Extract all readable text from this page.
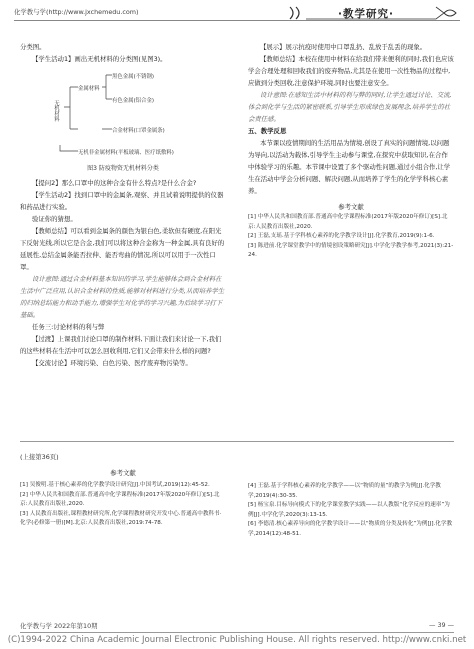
化学教与学(http://www.jxchemedu.com)	·教学研究·

分类图。

【学生活动1】画出无机材料的分类图(见图3)。

无机材料
金属材料
黑色金属(不锈钢)
有色金属(铝合金)
合金材料(口罩金属条)
无机非金属材料(平板玻璃、医疗纸敷料)

图3 防疫物资无机材料分类

【提问2】那么口罩中的这种合金有什么特点?是什么合金?

【学生活动2】找到口罩中的金属条,观察、并且试着说明提供的仪器和药品进行实验。

验证你的猜想。

【教师总结】可以看到金属条的颜色为银白色,柔软但有硬度,在阳光下反射光线,所以它是合金,我们可以将这种合金称为一种金属,具有良好的延展性,总结金属条能否拉伸、能否弯曲的情况,所以可以用于一次性口罩。

设计意图:通过合金材料基本知识的学习,学生能够体会到合金材料在生活中广泛应用,认识合金材料的性质,能够对材料进行分类,从而培养学生的归纳总结能力和动手能力,增强学生对化学的学习兴趣,为后续学习打下基础。

任务三:讨论材料的利与弊

【过渡】上课我们讨论口罩的制作材料,下面让我们来讨论一下,我们的这些材料在生活中可以怎么回收利用,它们又会带来什么样的问题?

【交流讨论】环境污染、白色污染、医疗废弃物污染等。

【展示】展示抗疫时使用中口罩乱扔、乱放于乱丢的现象。

【教师总结】本校在使用中材料在给我们带来便利的同时,我们也应该学会合理处理和回收我们的废弃物品,尤其是在使用一次性物品的过程中,应做到分类回收,注意保护环境,同时也要注意安全。

设计意图:在感知生活中材料的利与弊的同时,让学生通过讨论、交流,体会到化学与生活的紧密联系,引导学生形成绿色发展理念,培养学生的社会责任感。

五、教学反思

本节课以疫情期间的生活用品为情境,创设了真实的问题情境,以问题为导向,以活动为载体,引导学生主动参与课堂,在探究中获取知识,在合作中体验学习的乐趣。本节课中设置了多个驱动性问题,通过小组合作,让学生在活动中学会分析问题、解决问题,从而培养了学生的化学学科核心素养。

参考文献

[1] 中华人民共和国教育部.普通高中化学课程标准(2017年版2020年修订)[S].北京:人民教育出版社,2020.

[2] 王磊,支瑶.基于学科核心素养的化学教学设计[J].化学教育,2019(9):1-6.

[3] 陈进前.化学课堂教学中的情境创设策略研究[J].中学化学教学参考,2021(3):21-24.

(上接第36页)

参考文献

[1] 吴俊明.基于核心素养的化学教学设计研究[J].中国考试,2019(12):45-52.

[2] 中华人民共和国教育部.普通高中化学课程标准(2017年版2020年修订)[S].北京:人民教育出版社,2020.

[3] 人民教育出版社,课程教材研究所,化学课程教材研究开发中心.普通高中教科书·化学(必修第一册)[M].北京:人民教育出版社,2019:74-78.

[4] 王磊.基于学科核心素养的化学教学——以“物质的量”的教学为例[J].化学教学,2019(4):30-35.

[5] 杨宝泉.目标导向模式下的化学课堂教学实践——以人教版“化学反应的速率”为例[J].中学化学,2020(3):13-15.

[6] 李德清.核心素养导向的化学教学设计——以“物质的分类及转化”为例[J].化学教学,2014(12):48-51.

化学教与学 2022年第10期	— 39 —
(C)1994-2022 China Academic Journal Electronic Publishing House. All rights reserved. http://www.cnki.net
